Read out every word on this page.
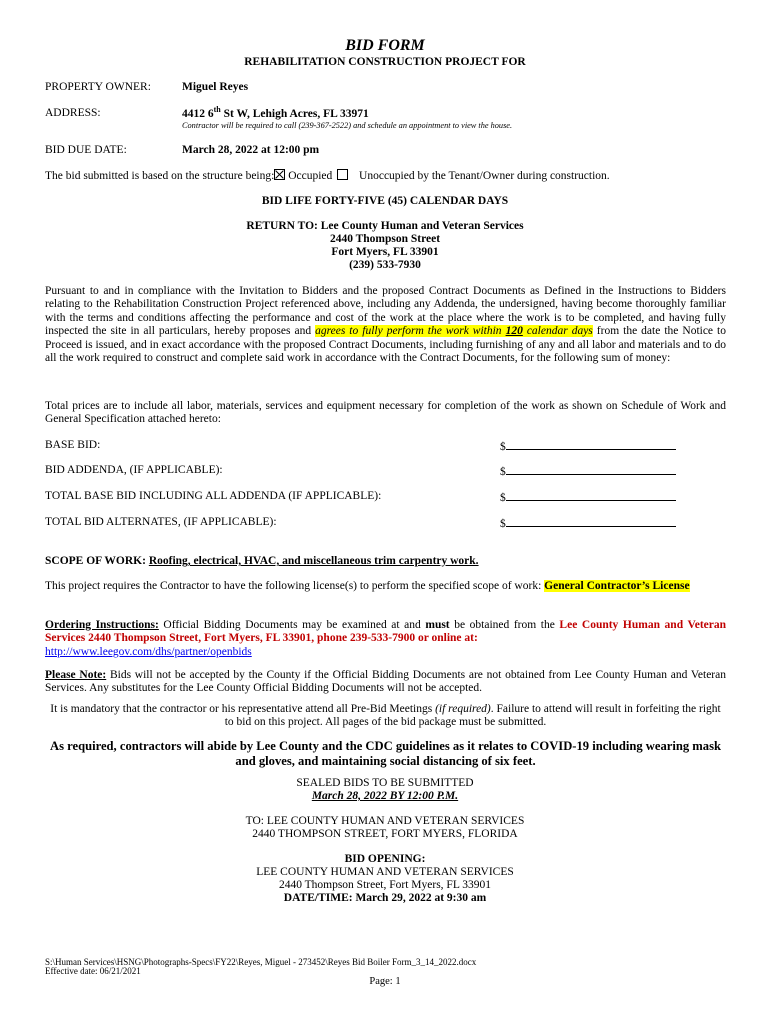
BID FORM
REHABILITATION CONSTRUCTION PROJECT FOR
PROPERTY OWNER:	Miguel Reyes
ADDRESS:	4412 6th St W, Lehigh Acres, FL 33971
Contractor will be required to call (239-367-2522) and schedule an appointment to view the house.
BID DUE DATE:	March 28, 2022 at 12:00 pm
The bid submitted is based on the structure being: Occupied Unoccupied by the Tenant/Owner during construction.
BID LIFE FORTY-FIVE (45) CALENDAR DAYS
RETURN TO: Lee County Human and Veteran Services
2440 Thompson Street
Fort Myers, FL 33901
(239) 533-7930
Pursuant to and in compliance with the Invitation to Bidders and the proposed Contract Documents as Defined in the Instructions to Bidders relating to the Rehabilitation Construction Project referenced above, including any Addenda, the undersigned, having become thoroughly familiar with the terms and conditions affecting the performance and cost of the work at the place where the work is to be completed, and having fully inspected the site in all particulars, hereby proposes and agrees to fully perform the work within 120 calendar days from the date the Notice to Proceed is issued, and in exact accordance with the proposed Contract Documents, including furnishing of any and all labor and materials and to do all the work required to construct and complete said work in accordance with the Contract Documents, for the following sum of money:
Total prices are to include all labor, materials, services and equipment necessary for completion of the work as shown on Schedule of Work and General Specification attached hereto:
BASE BID:	$
BID ADDENDA, (IF APPLICABLE):	$
TOTAL BASE BID INCLUDING ALL ADDENDA (IF APPLICABLE):	$
TOTAL BID ALTERNATES, (IF APPLICABLE):	$
SCOPE OF WORK: Roofing, electrical, HVAC, and miscellaneous trim carpentry work.
This project requires the Contractor to have the following license(s) to perform the specified scope of work: General Contractor’s License
Ordering Instructions: Official Bidding Documents may be examined at and must be obtained from the Lee County Human and Veteran Services 2440 Thompson Street, Fort Myers, FL 33901, phone 239-533-7900 or online at:
http://www.leegov.com/dhs/partner/openbids
Please Note: Bids will not be accepted by the County if the Official Bidding Documents are not obtained from Lee County Human and Veteran Services. Any substitutes for the Lee County Official Bidding Documents will not be accepted.
It is mandatory that the contractor or his representative attend all Pre-Bid Meetings (if required). Failure to attend will result in forfeiting the right to bid on this project. All pages of the bid package must be submitted.
As required, contractors will abide by Lee County and the CDC guidelines as it relates to COVID-19 including wearing mask and gloves, and maintaining social distancing of six feet.
SEALED BIDS TO BE SUBMITTED
March 28, 2022 BY 12:00 P.M.
TO: LEE COUNTY HUMAN AND VETERAN SERVICES
2440 THOMPSON STREET, FORT MYERS, FLORIDA
BID OPENING:
LEE COUNTY HUMAN AND VETERAN SERVICES
2440 Thompson Street, Fort Myers, FL 33901
DATE/TIME: March 29, 2022 at 9:30 am
S:\Human Services\HSNG\Photographs-Specs\FY22\Reyes, Miguel - 273452\Reyes Bid Boiler Form_3_14_2022.docx
Effective date: 06/21/2021
Page: 1
